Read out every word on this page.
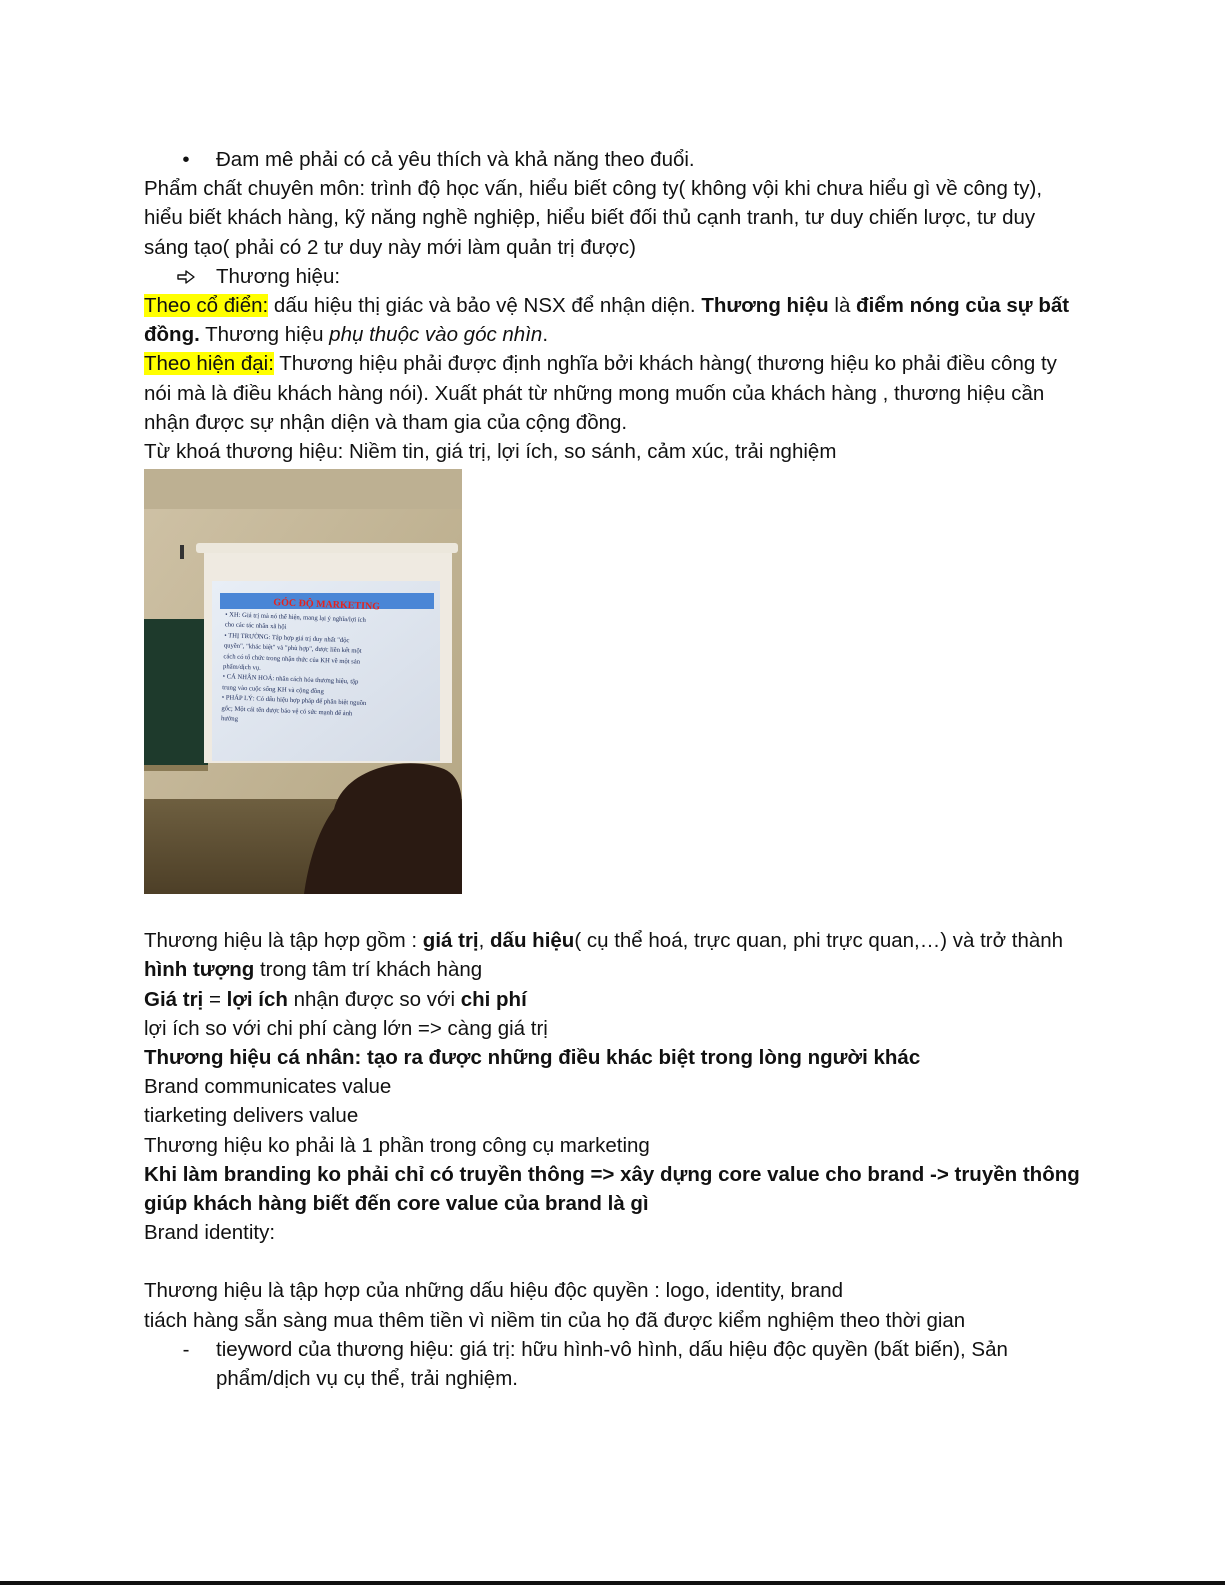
•	Đam mê phải có cả yêu thích và khả năng theo đuổi.

Phẩm chất chuyên môn: trình độ học vấn, hiểu biết công ty( không vội khi chưa hiểu gì về công ty), hiểu biết khách hàng, kỹ năng nghề nghiệp, hiểu biết đối thủ cạnh tranh, tư duy chiến lược, tư duy sáng tạo( phải có 2 tư duy này mới làm quản trị được)

Thương hiệu:

Theo cổ điển: dấu hiệu thị giác và bảo vệ NSX để nhận diện. Thương hiệu là điểm nóng của sự bất đồng. Thương hiệu phụ thuộc vào góc nhìn.

Theo hiện đại: Thương hiệu phải được định nghĩa bởi khách hàng( thương hiệu ko phải điều công ty nói mà là điều khách hàng nói). Xuất phát từ những mong muốn của khách hàng , thương hiệu cần nhận được sự nhận diện và tham gia của cộng đồng.

Từ khoá thương hiệu: Niềm tin, giá trị, lợi ích, so sánh, cảm xúc, trải nghiệm

GÓC ĐỘ MARKETING
• XH: Giá trị mà nó thể hiện, mang lại ý nghĩa/lợi ích
cho các tác nhân xã hội
• THỊ TRƯỜNG: Tập hợp giá trị duy nhất "độc
quyền", "khác biệt" và "phù hợp", được liên kết một
cách có tổ chức trong nhận thức của KH về một sản
phẩm/dịch vụ.
• CÁ NHÂN HOÁ: nhân cách hóa thương hiệu, tập
trung vào cuộc sống KH và cộng đồng
• PHÁP LÝ: Có dấu hiệu hợp pháp để phân biệt nguồn
gốc; Một cái tên được bảo vệ có sức mạnh để ảnh
hưởng

Thương hiệu là tập hợp gồm : giá trị, dấu hiệu( cụ thể hoá, trực quan, phi trực quan,…) và trở thành hình tượng trong tâm trí khách hàng

Giá trị = lợi ích nhận được so với chi phí

lợi ích so với chi phí càng lớn => càng giá trị

Thương hiệu cá nhân: tạo ra được những điều khác biệt trong lòng người khác

Brand communicates value

tiarketing delivers value

Thương hiệu ko phải là 1 phần trong công cụ marketing

Khi làm branding ko phải chỉ có truyền thông => xây dựng core value cho brand -> truyền thông giúp khách hàng biết đến core value của brand là gì

Brand identity:

Thương hiệu là tập hợp của những dấu hiệu độc quyền : logo, identity, brand

tiách hàng sẵn sàng mua thêm tiền vì niềm tin của họ đã được kiểm nghiệm theo thời gian

-	tieyword của thương hiệu: giá trị: hữu hình-vô hình, dấu hiệu độc quyền (bất biến), Sản phẩm/dịch vụ cụ thể, trải nghiệm.
